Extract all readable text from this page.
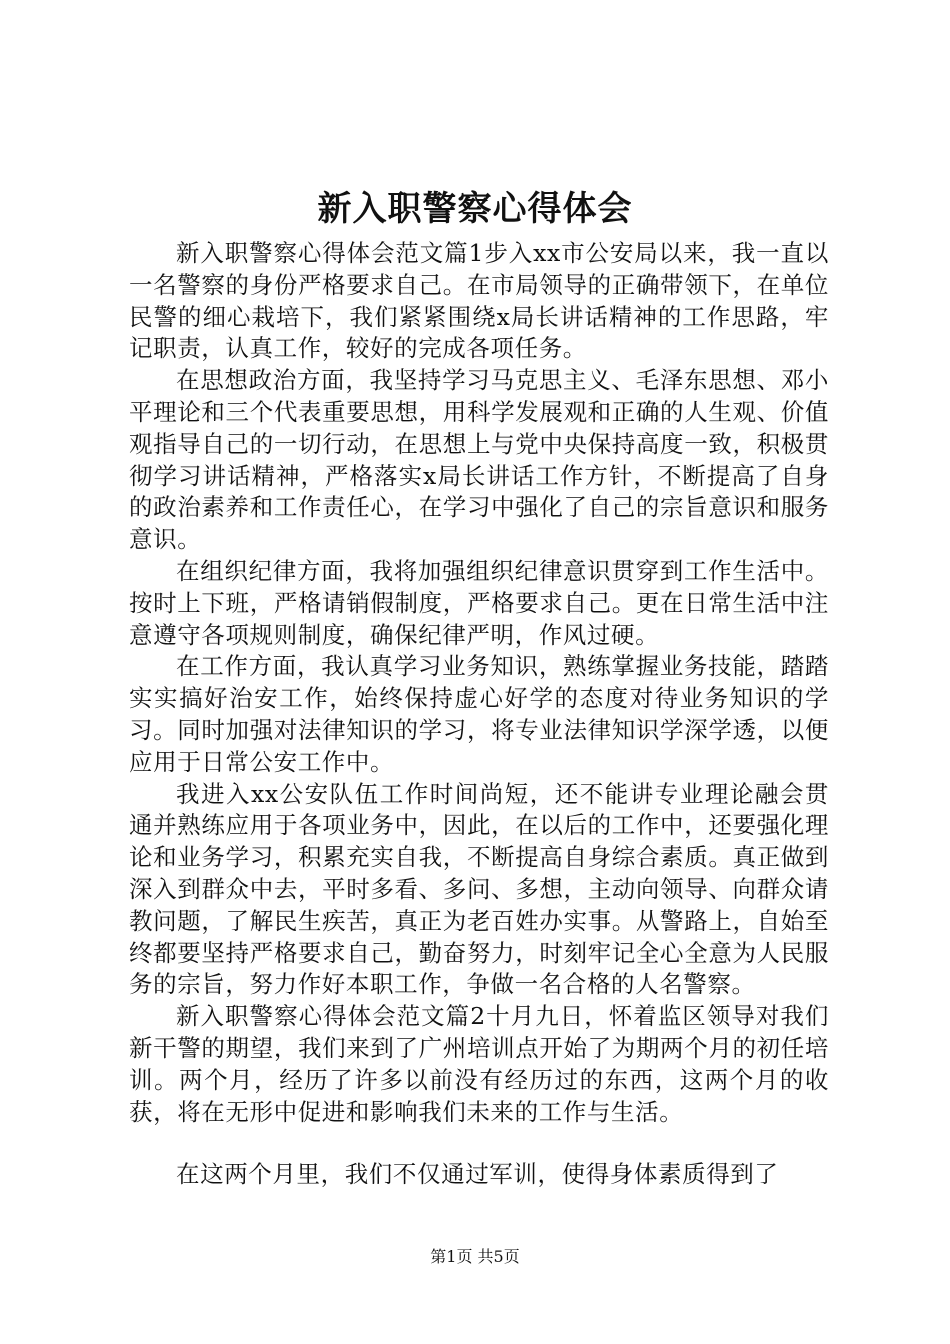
新入职警察心得体会

新入职警察心得体会范文篇1步入xx市公安局以来，我一直以一名警察的身份严格要求自己。在市局领导的正确带领下，在单位民警的细心栽培下，我们紧紧围绕x局长讲话精神的工作思路，牢记职责，认真工作，较好的完成各项任务。

在思想政治方面，我坚持学习马克思主义、毛泽东思想、邓小平理论和三个代表重要思想，用科学发展观和正确的人生观、价值观指导自己的一切行动，在思想上与党中央保持高度一致，积极贯彻学习讲话精神，严格落实x局长讲话工作方针，不断提高了自身的政治素养和工作责任心，在学习中强化了自己的宗旨意识和服务意识。

在组织纪律方面，我将加强组织纪律意识贯穿到工作生活中。按时上下班，严格请销假制度，严格要求自己。更在日常生活中注意遵守各项规则制度，确保纪律严明，作风过硬。

在工作方面，我认真学习业务知识，熟练掌握业务技能，踏踏实实搞好治安工作，始终保持虚心好学的态度对待业务知识的学习。同时加强对法律知识的学习，将专业法律知识学深学透，以便应用于日常公安工作中。

我进入xx公安队伍工作时间尚短，还不能讲专业理论融会贯通并熟练应用于各项业务中，因此，在以后的工作中，还要强化理论和业务学习，积累充实自我，不断提高自身综合素质。真正做到深入到群众中去，平时多看、多问、多想，主动向领导、向群众请教问题，了解民生疾苦，真正为老百姓办实事。从警路上，自始至终都要坚持严格要求自己，勤奋努力，时刻牢记全心全意为人民服务的宗旨，努力作好本职工作，争做一名合格的人名警察。

新入职警察心得体会范文篇2十月九日，怀着监区领导对我们新干警的期望，我们来到了广州培训点开始了为期两个月的初任培训。两个月，经历了许多以前没有经历过的东西，这两个月的收获，将在无形中促进和影响我们未来的工作与生活。

在这两个月里，我们不仅通过军训，使得身体素质得到了

第1页 共5页
